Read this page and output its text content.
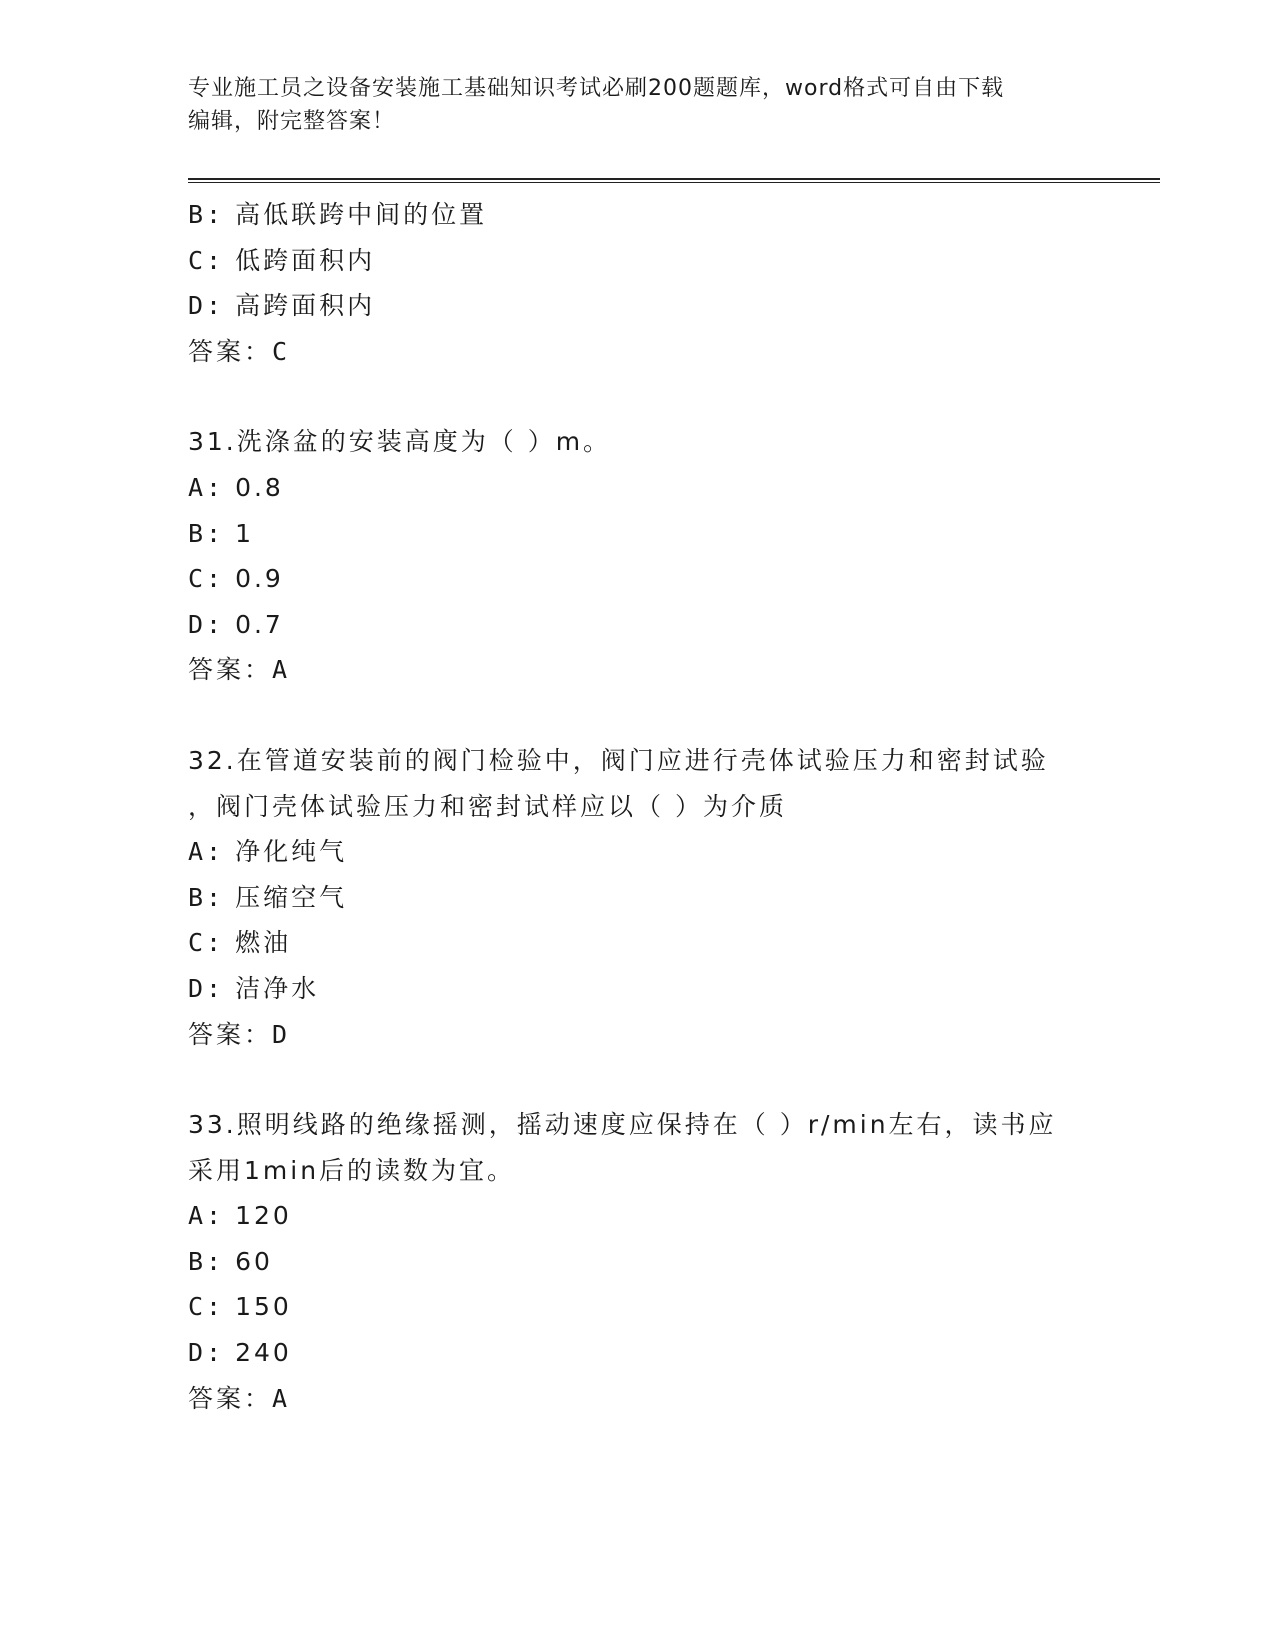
专业施工员之设备安装施工基础知识考试必刷200题题库，word格式可自由下载
编辑，附完整答案！
B: 高低联跨中间的位置
C: 低跨面积内
D: 高跨面积内
答案：C
31.洗涤盆的安装高度为（ ）m。
A: 0.8
B: 1
C: 0.9
D: 0.7
答案：A
32.在管道安装前的阀门检验中，阀门应进行壳体试验压力和密封试验
，阀门壳体试验压力和密封试样应以（ ）为介质
A: 净化纯气
B: 压缩空气
C: 燃油
D: 洁净水
答案：D
33.照明线路的绝缘摇测，摇动速度应保持在（ ）r/min左右，读书应
采用1min后的读数为宜。
A: 120
B: 60
C: 150
D: 240
答案：A
